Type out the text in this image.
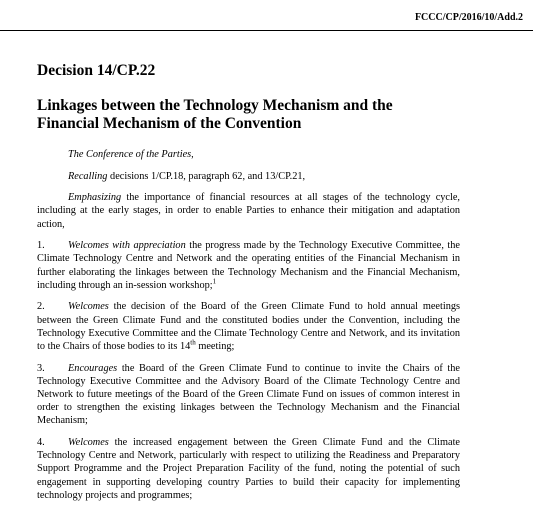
FCCC/CP/2016/10/Add.2
Decision 14/CP.22
Linkages between the Technology Mechanism and the
Financial Mechanism of the Convention

The Conference of the Parties,

Recalling decisions 1/CP.18, paragraph 62, and 13/CP.21,

Emphasizing the importance of financial resources at all stages of the technology cycle, including at the early stages, in order to enable Parties to enhance their mitigation and adaptation action,

1. Welcomes with appreciation the progress made by the Technology Executive Committee, the Climate Technology Centre and Network and the operating entities of the Financial Mechanism in further elaborating the linkages between the Technology Mechanism and the Financial Mechanism, including through an in-session workshop;$^1$

2. Welcomes the decision of the Board of the Green Climate Fund to hold annual meetings between the Green Climate Fund and the constituted bodies under the Convention, including the Technology Executive Committee and the Climate Technology Centre and Network, and its invitation to the Chairs of those bodies to its 14th meeting;

3. Encourages the Board of the Green Climate Fund to continue to invite the Chairs of the Technology Executive Committee and the Advisory Board of the Climate Technology Centre and Network to future meetings of the Board of the Green Climate Fund on issues of common interest in order to strengthen the existing linkages between the Technology Mechanism and the Financial Mechanism;

4. Welcomes the increased engagement between the Green Climate Fund and the Climate Technology Centre and Network, particularly with respect to utilizing the Readiness and Preparatory Support Programme and the Project Preparation Facility of the fund, noting the potential of such engagement in supporting developing country Parties to build their capacity for implementing technology projects and programmes;
